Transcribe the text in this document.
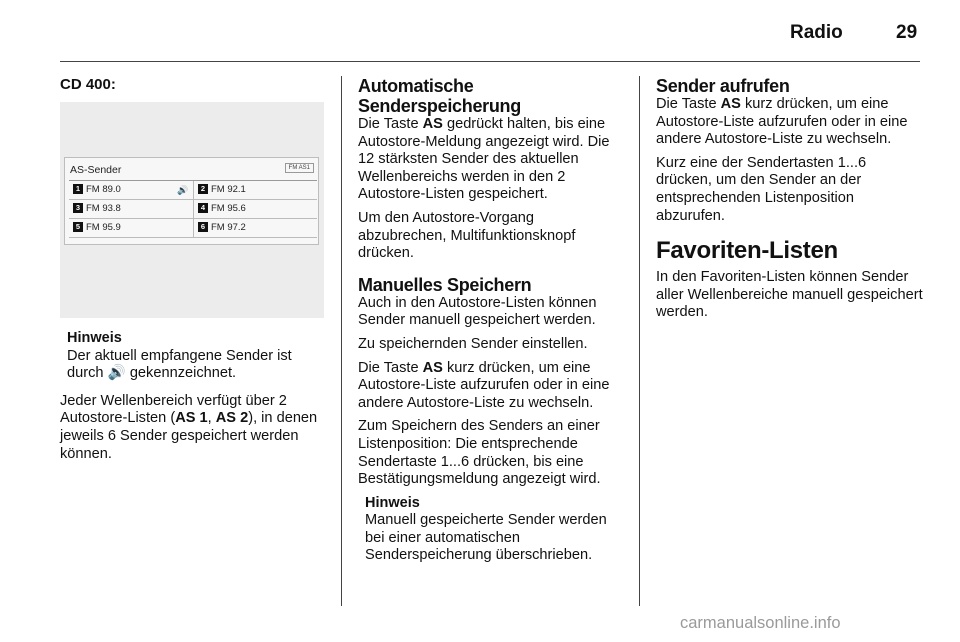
Radio	29
CD 400:
AS-Sender	FM AS1
1 FM 89.0	🔊	2 FM 92.1
3 FM 93.8	4 FM 95.6
5 FM 95.9	6 FM 97.2
Hinweis
Der aktuell empfangene Sender ist durch 🔊 gekennzeichnet.

Jeder Wellenbereich verfügt über 2 Autostore-Listen (AS 1, AS 2), in denen jeweils 6 Sender gespeichert werden können.

Automatische Senderspeicherung

Die Taste AS gedrückt halten, bis eine Autostore-Meldung angezeigt wird. Die 12 stärksten Sender des aktuellen Wellenbereichs werden in den 2 Autostore-Listen gespeichert.

Um den Autostore-Vorgang abzubrechen, Multifunktionsknopf drücken.

Manuelles Speichern

Auch in den Autostore-Listen können Sender manuell gespeichert werden.

Zu speichernden Sender einstellen.

Die Taste AS kurz drücken, um eine Autostore-Liste aufzurufen oder in eine andere Autostore-Liste zu wechseln.

Zum Speichern des Senders an einer Listenposition: Die entsprechende Sendertaste 1...6 drücken, bis eine Bestätigungsmeldung angezeigt wird.

Hinweis
Manuell gespeicherte Sender werden bei einer automatischen Senderspeicherung überschrieben.
Sender aufrufen

Die Taste AS kurz drücken, um eine Autostore-Liste aufzurufen oder in eine andere Autostore-Liste zu wechseln.

Kurz eine der Sendertasten 1...6 drücken, um den Sender an der entsprechenden Listenposition abzurufen.

Favoriten-Listen

In den Favoriten-Listen können Sender aller Wellenbereiche manuell gespeichert werden.

carmanualsonline.info
